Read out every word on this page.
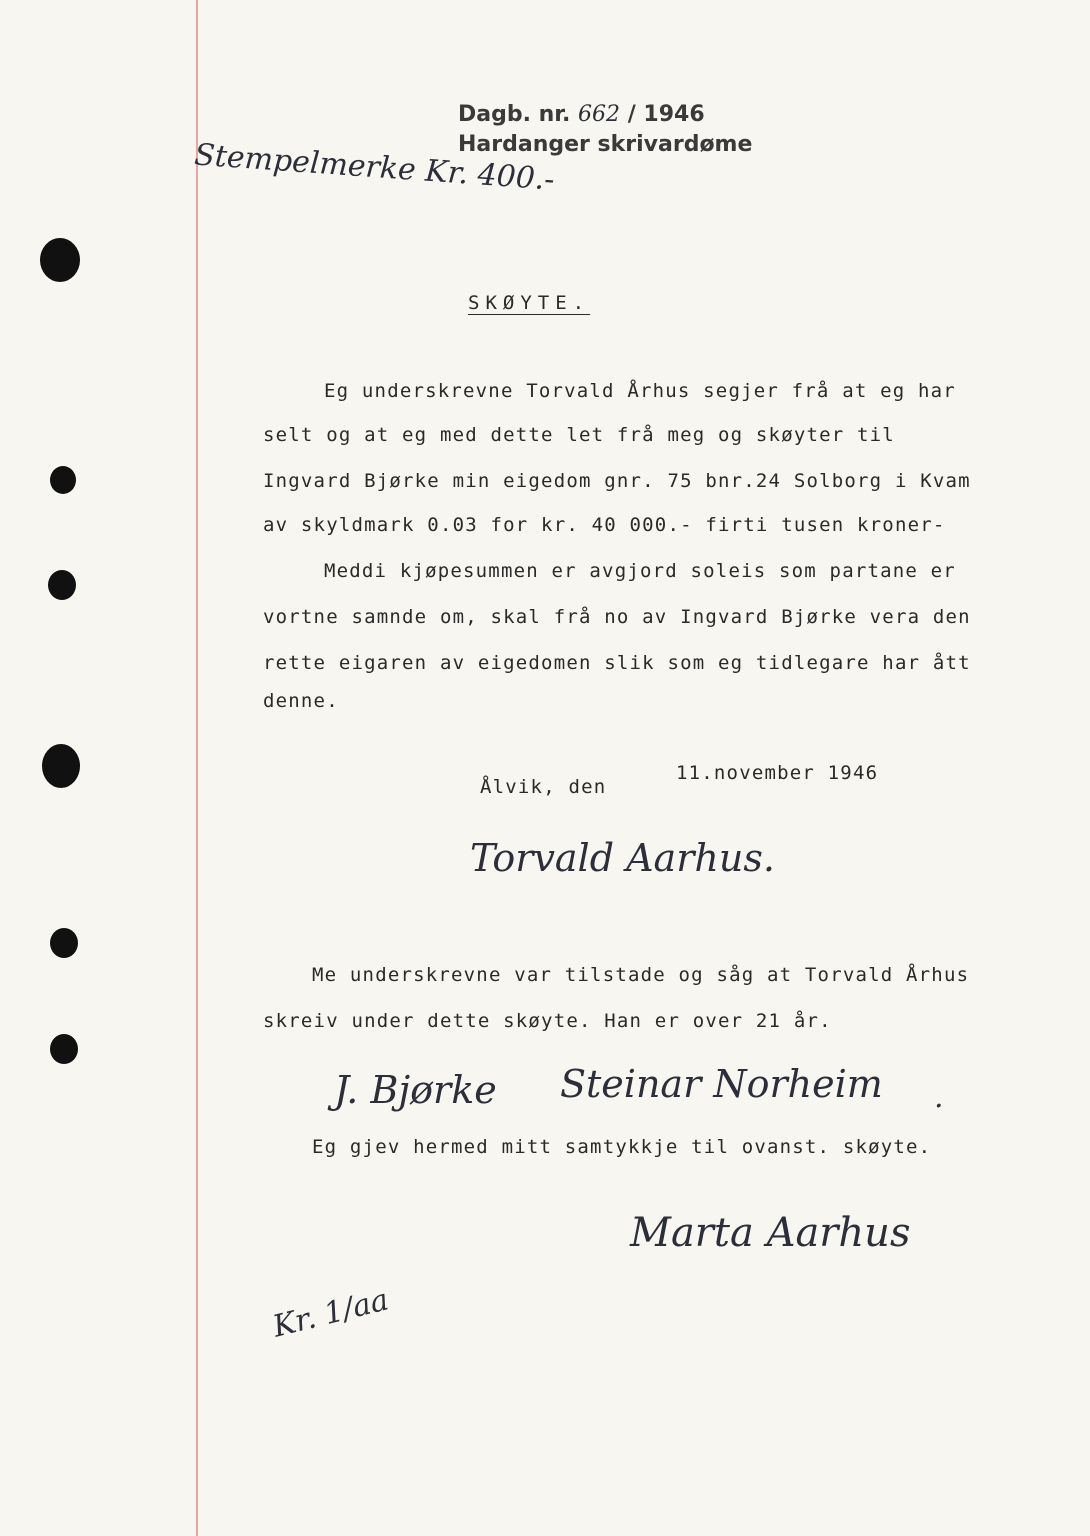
Dagb. nr. 662 / 1946
Hardanger skrivardøme
Stempelmerke Kr. 400.-
SKØYTE.
Eg underskrevne Torvald Århus segjer frå at eg har
selt og at eg med dette let frå meg og skøyter til
Ingvard Bjørke min eigedom gnr. 75 bnr.24 Solborg i Kvam
av skyldmark 0.03 for kr. 40 000.- firti tusen kroner-
Meddi kjøpesummen er avgjord soleis som partane er
vortne samnde om, skal frå no av Ingvard Bjørke vera den
rette eigaren av eigedomen slik som eg tidlegare har ått
denne.
Ålvik, den
11.november 1946
Torvald Aarhus.
Me underskrevne var tilstade og såg at Torvald Århus
skreiv under dette skøyte. Han er over 21 år.
J. Bjørke Steinar Norheim .
Eg gjev hermed mitt samtykkje til ovanst. skøyte.
Marta Aarhus
Kr. 1/aa
